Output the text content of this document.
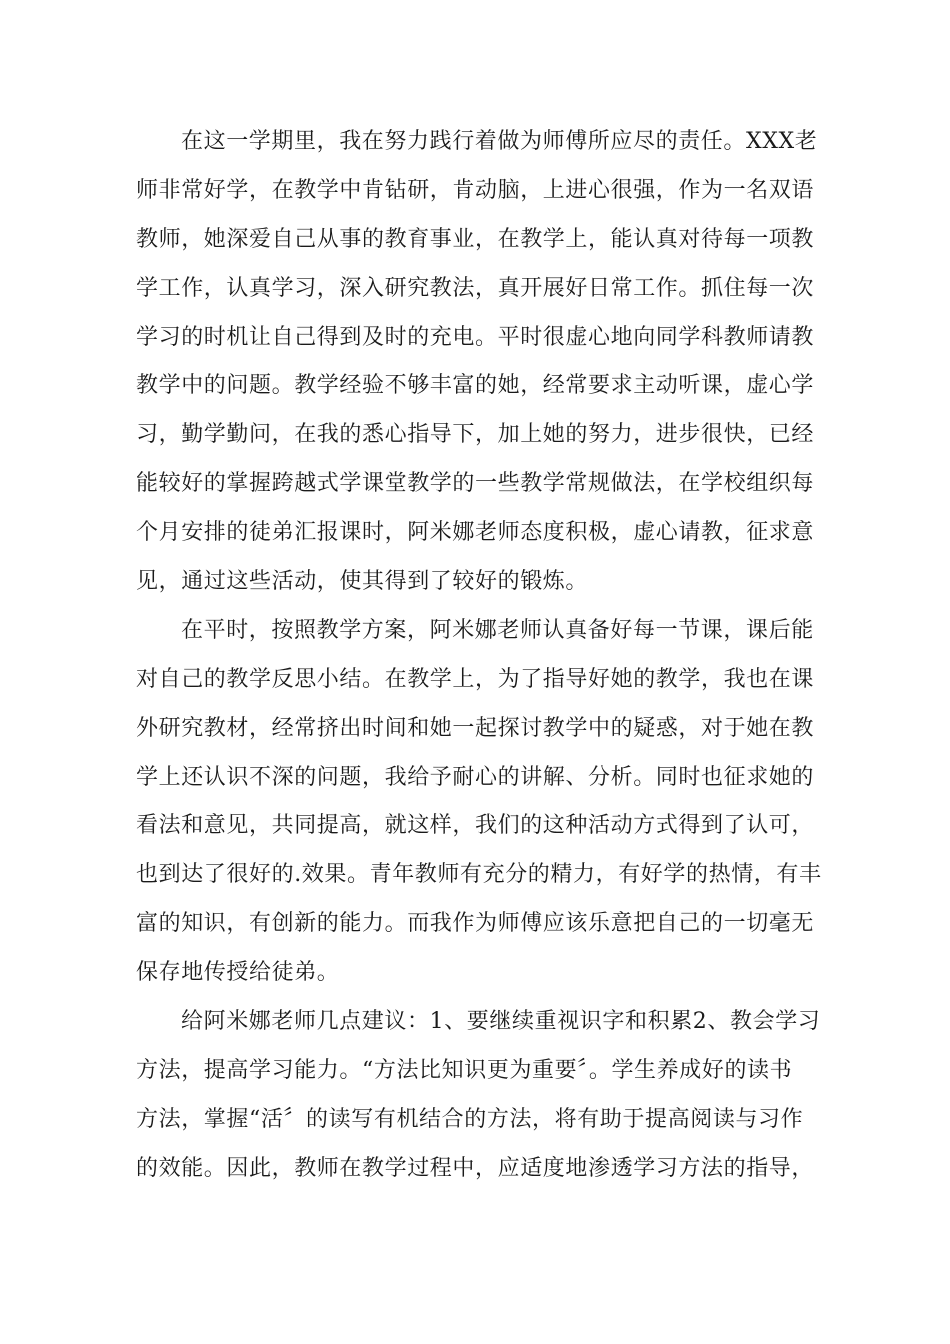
在这一学期里，我在努力践行着做为师傅所应尽的责任。XXX老
师非常好学，在教学中肯钻研，肯动脑，上进心很强，作为一名双语
教师，她深爱自己从事的教育事业，在教学上，能认真对待每一项教
学工作，认真学习，深入研究教法，真开展好日常工作。抓住每一次
学习的时机让自己得到及时的充电。平时很虚心地向同学科教师请教
教学中的问题。教学经验不够丰富的她，经常要求主动听课，虚心学
习，勤学勤问，在我的悉心指导下，加上她的努力，进步很快，已经
能较好的掌握跨越式学课堂教学的一些教学常规做法，在学校组织每
个月安排的徒弟汇报课时，阿米娜老师态度积极，虚心请教，征求意
见，通过这些活动，使其得到了较好的锻炼。
在平时，按照教学方案，阿米娜老师认真备好每一节课，课后能
对自己的教学反思小结。在教学上，为了指导好她的教学，我也在课
外研究教材，经常挤出时间和她一起探讨教学中的疑惑，对于她在教
学上还认识不深的问题，我给予耐心的讲解、分析。同时也征求她的
看法和意见，共同提高，就这样，我们的这种活动方式得到了认可，
也到达了很好的.效果。青年教师有充分的精力，有好学的热情，有丰
富的知识，有创新的能力。而我作为师傅应该乐意把自己的一切毫无
保存地传授给徒弟。
给阿米娜老师几点建议：1、要继续重视识字和积累2、教会学习
方法，提高学习能力。“方法比知识更为重要〞。学生养成好的读书
方法，掌握“活〞的读写有机结合的方法，将有助于提高阅读与习作
的效能。因此，教师在教学过程中，应适度地渗透学习方法的指导，
